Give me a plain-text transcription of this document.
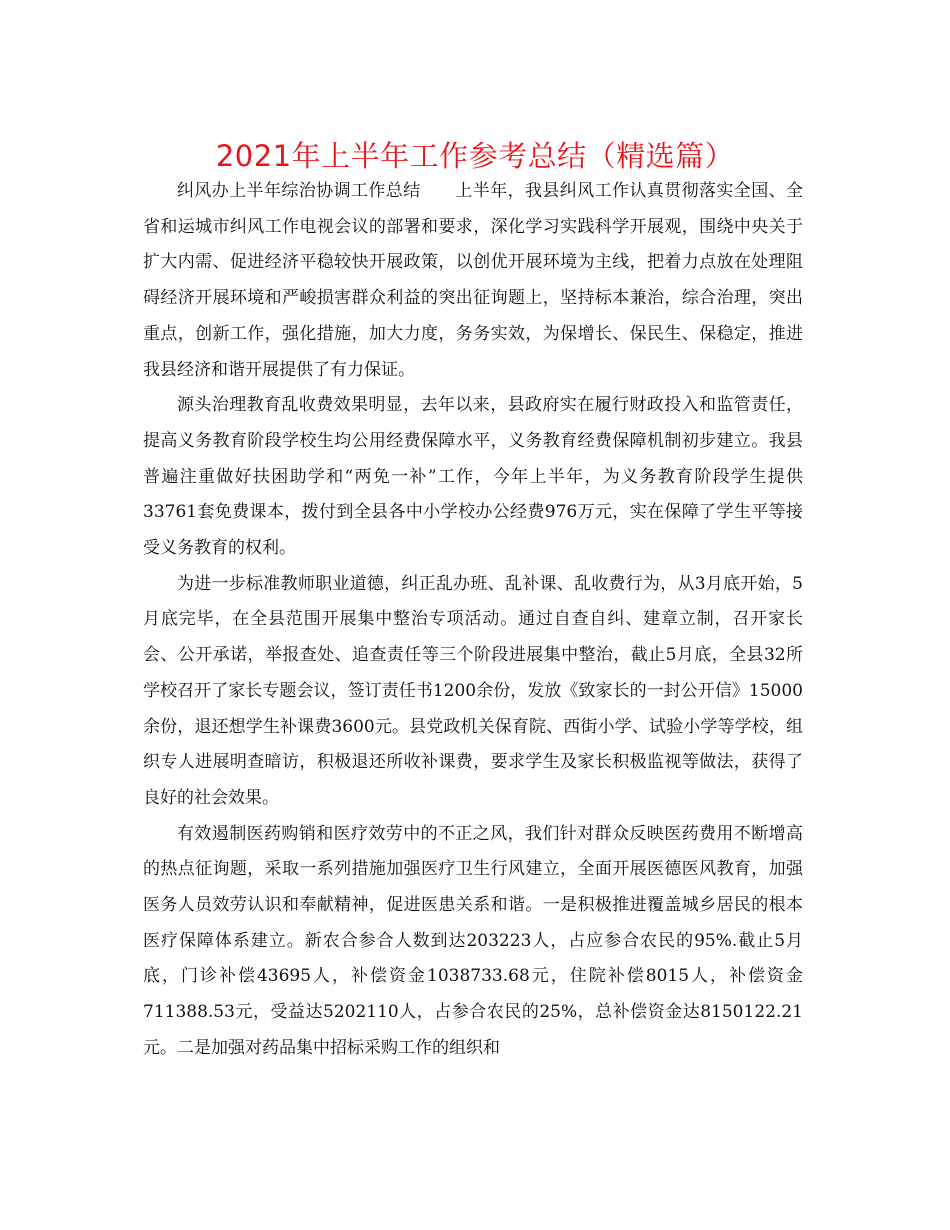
2021年上半年工作参考总结（精选篇）

纠风办上半年综治协调工作总结　　上半年，我县纠风工作认真贯彻落实全国、全省和运城市纠风工作电视会议的部署和要求，深化学习实践科学开展观，围绕中央关于扩大内需、促进经济平稳较快开展政策，以创优开展环境为主线，把着力点放在处理阻碍经济开展环境和严峻损害群众利益的突出征询题上，坚持标本兼治，综合治理，突出重点，创新工作，强化措施，加大力度，务务实效，为保增长、保民生、保稳定，推进我县经济和谐开展提供了有力保证。

源头治理教育乱收费效果明显，去年以来，县政府实在履行财政投入和监管责任，提高义务教育阶段学校生均公用经费保障水平，义务教育经费保障机制初步建立。我县普遍注重做好扶困助学和“两免一补”工作，今年上半年，为义务教育阶段学生提供33761套免费课本，拨付到全县各中小学校办公经费976万元，实在保障了学生平等接受义务教育的权利。

为进一步标准教师职业道德，纠正乱办班、乱补课、乱收费行为，从3月底开始，5月底完毕，在全县范围开展集中整治专项活动。通过自查自纠、建章立制，召开家长会、公开承诺，举报查处、追查责任等三个阶段进展集中整治，截止5月底，全县32所学校召开了家长专题会议，签订责任书1200余份，发放《致家长的一封公开信》15000余份，退还想学生补课费3600元。县党政机关保育院、西街小学、试验小学等学校，组织专人进展明查暗访，积极退还所收补课费，要求学生及家长积极监视等做法，获得了良好的社会效果。

有效遏制医药购销和医疗效劳中的不正之风，我们针对群众反映医药费用不断增高的热点征询题，采取一系列措施加强医疗卫生行风建立，全面开展医德医风教育，加强医务人员效劳认识和奉献精神，促进医患关系和谐。一是积极推进覆盖城乡居民的根本医疗保障体系建立。新农合参合人数到达203223人，占应参合农民的95%.截止5月底，门诊补偿43695人，补偿资金1038733.68元，住院补偿8015人，补偿资金711388.53元，受益达5202110人，占参合农民的25%，总补偿资金达8150122.21元。二是加强对药品集中招标采购工作的组织和
